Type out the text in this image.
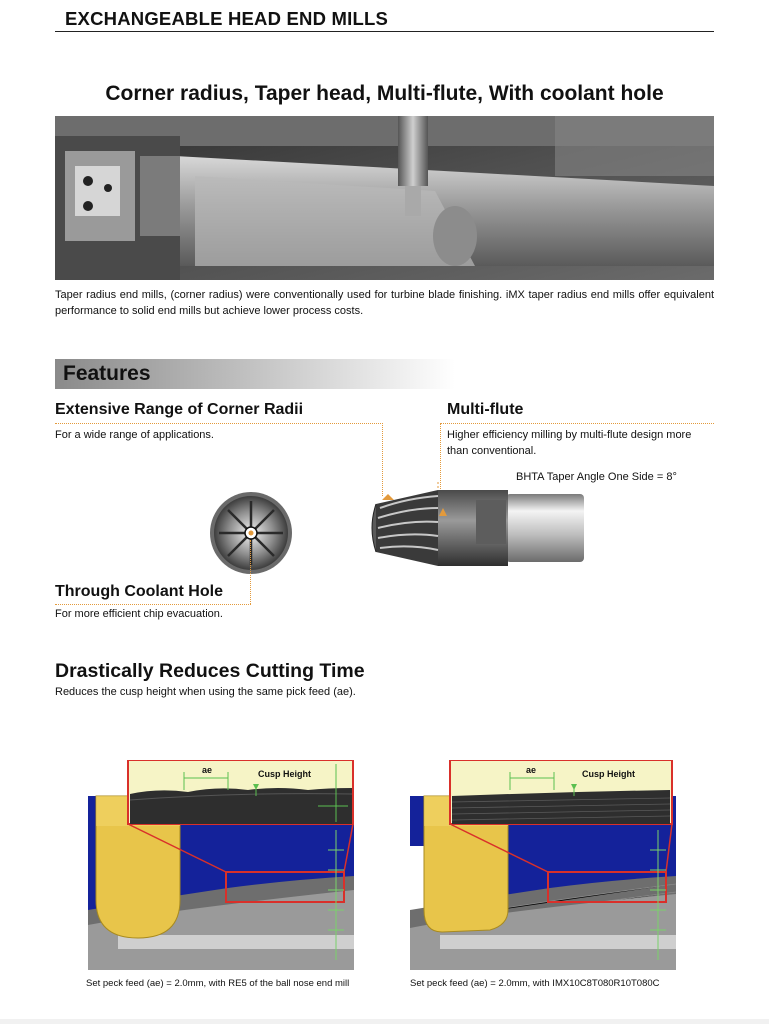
EXCHANGEABLE HEAD END MILLS
Corner radius, Taper head, Multi-flute, With coolant hole
Taper radius end mills, (corner radius) were conventionally used for turbine blade finishing. iMX taper radius end mills offer equivalent performance to solid end mills but achieve lower process costs.
Features
Extensive Range of Corner Radii
For a wide range of applications.
Multi-flute
Higher efficiency milling by multi-flute design more
than conventional.
BHTA Taper Angle One Side = 8°
Through Coolant Hole
For more efficient chip evacuation.
Drastically Reduces Cutting Time
Reduces the cusp height when using the same pick feed (ae).
ae	Cusp Height
Set peck feed (ae) = 2.0mm, with RE5 of the ball nose end mill
ae	Cusp Height
Set peck feed (ae) = 2.0mm, with IMX10C8T080R10T080C
